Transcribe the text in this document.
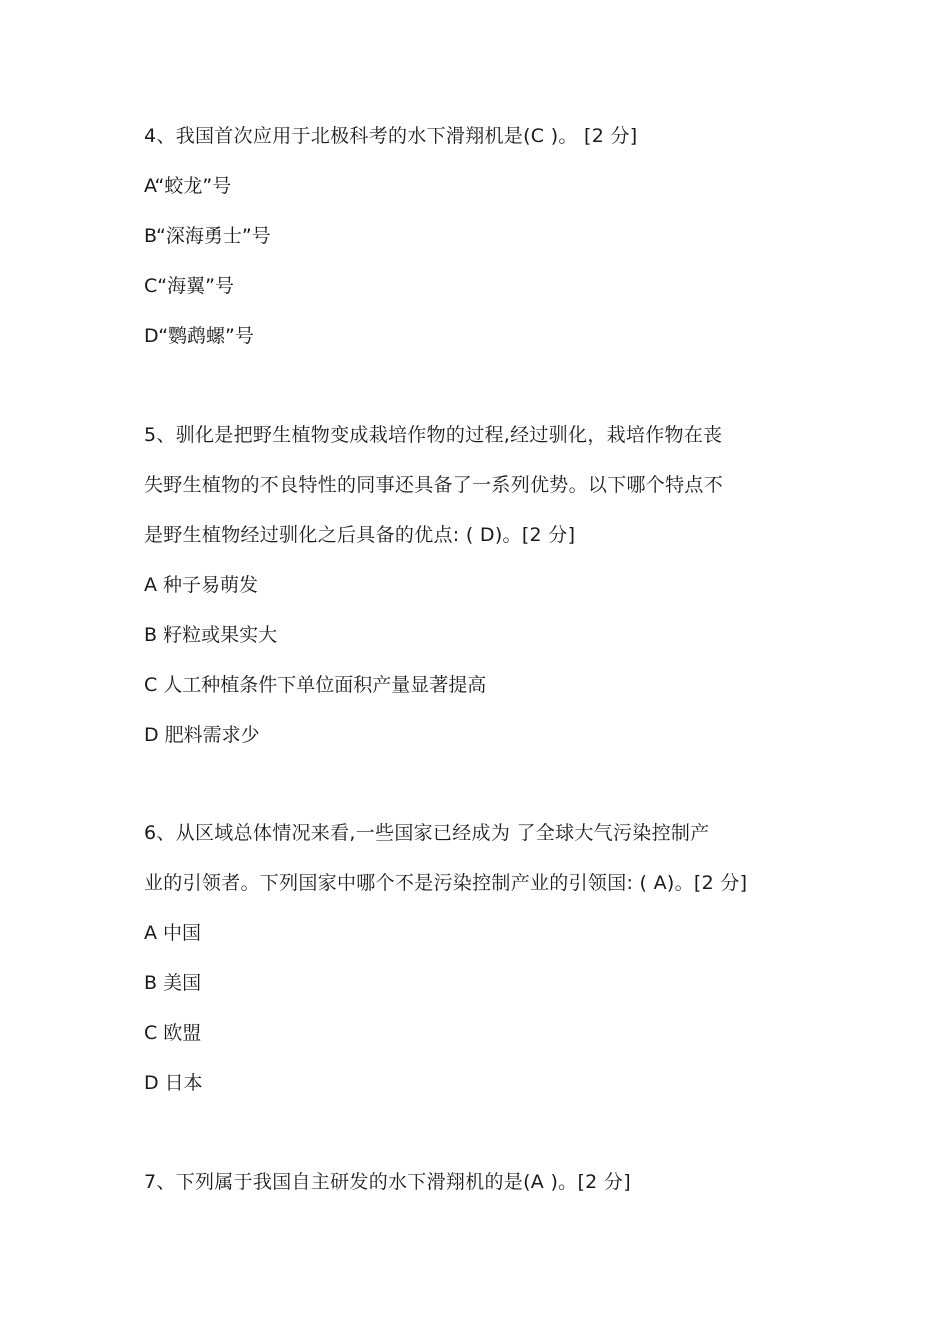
4、我国首次应用于北极科考的水下滑翔机是(C )。 [2 分]
A“蛟龙”号
B“深海勇士”号
C“海翼”号
D“鹦鹉螺”号
5、驯化是把野生植物变成栽培作物的过程,经过驯化，栽培作物在丧
失野生植物的不良特性的同事还具备了一系列优势。以下哪个特点不
是野生植物经过驯化之后具备的优点: ( D)。[2 分]
A 种子易萌发
B 籽粒或果实大
C 人工种植条件下单位面积产量显著提高
D 肥料需求少
6、从区域总体情况来看,一些国家已经成为 了全球大气污染控制产
业的引领者。下列国家中哪个不是污染控制产业的引领国: ( A)。[2 分]
A 中国
B 美国
C 欧盟
D 日本
7、下列属于我国自主研发的水下滑翔机的是(A )。[2 分]
